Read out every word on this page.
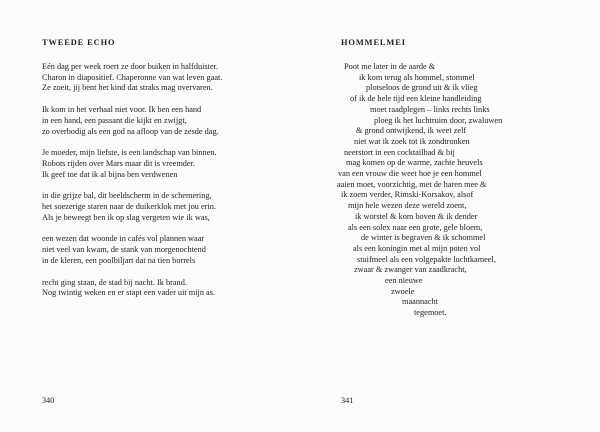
TWEEDE ECHO
Eén dag per week roert ze door buiken in halfduister.
Charon in diapositief. Chaperonne van wat leven gaat.
Ze zoeit, jij bent het kind dat straks mag overvaren.
Ik kom in het verhaal niet voor. Ik ben een hand
in een hand, een passant die kijkt en zwijgt,
zo overbodig als een god na afloop van de zesde dag.
Je moeder, mijn liefste, is een landschap van binnen.
Robots rijden over Mars maar dit is vreemder.
Ik geef toe dat ik al bijna ben verdwenen
in die grijze bal, dit beeldscherm in de schemering,
het soezerige staren naar de duikerklok met jou erin.
Als je beweegt ben ik op slag vergeten wie ik was,
een wezen dat woonde in cafés vol plannen waar
niet veel van kwam, de stank van morgenochtend
in de kleren, een poolbiljart dat na tien borrels
recht ging staan, de stad bij nacht. Ik brand.
Nog twintig weken en er stapt een vader uit mijn as.
340
HOMMELMEI
Poot me later in de aarde &
ik kom terug als hommel, stommel
plotseloos de grond uit & ik vlieg
of ik de hele tijd een kleine handleiding
moet raadplegen – links rechts links
ploeg ik het luchtruim door, zwaluwen
& grond ontwijkend, ik weet zelf
niet wat ik zoek tot ik zondtronken
neerstort in een cocktailbad & bij
mag komen op de warme, zachte heuvels
van een vrouw die weet hoe je een hommel
aaien moet, voorzichtig, met de haren mee &
ik zoem verder, Rimski-Korsakov, alsof
mijn hele wezen deze wereld zoent,
ik worstel & kom boven & ik dender
als een solex naar een grote, gele bloem,
de winter is begraven & ik schommel
als een koningin met al mijn poten vol
stuifmeel als een volgepakte luchtkameel,
zwaar & zwanger van zaadkracht,
een nieuwe
zwoele
maannacht
tegemoet.
341
